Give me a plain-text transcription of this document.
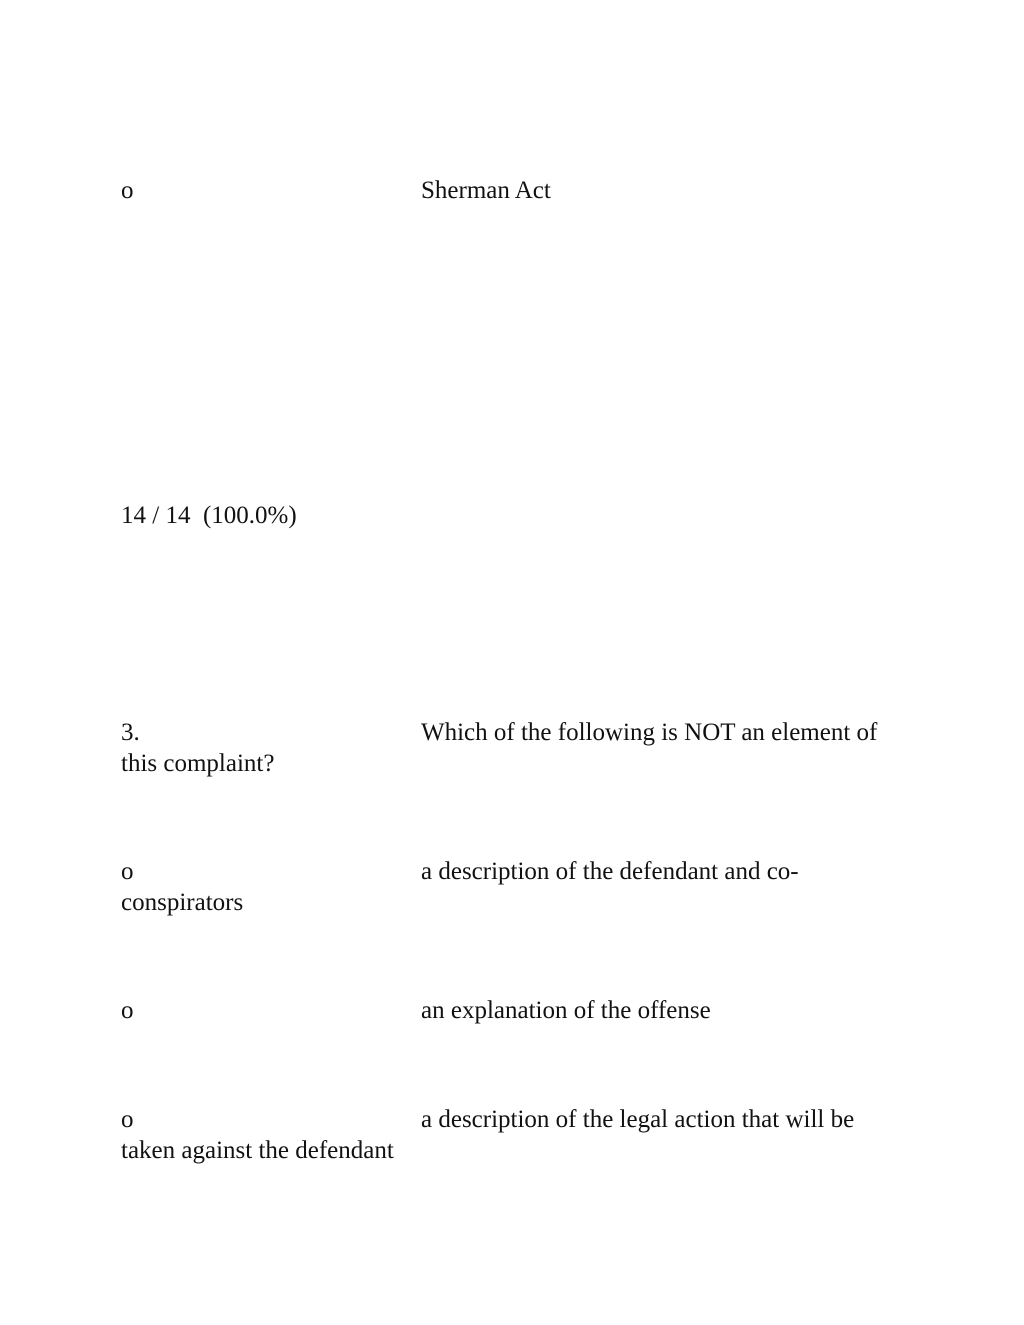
o	Sherman Act

14 / 14  (100.0%)

3.	Which of the following is NOT an element of this complaint?

o	a description of the defendant and co-conspirators

o	an explanation of the offense

o	a description of the legal action that will be taken against the defendant
